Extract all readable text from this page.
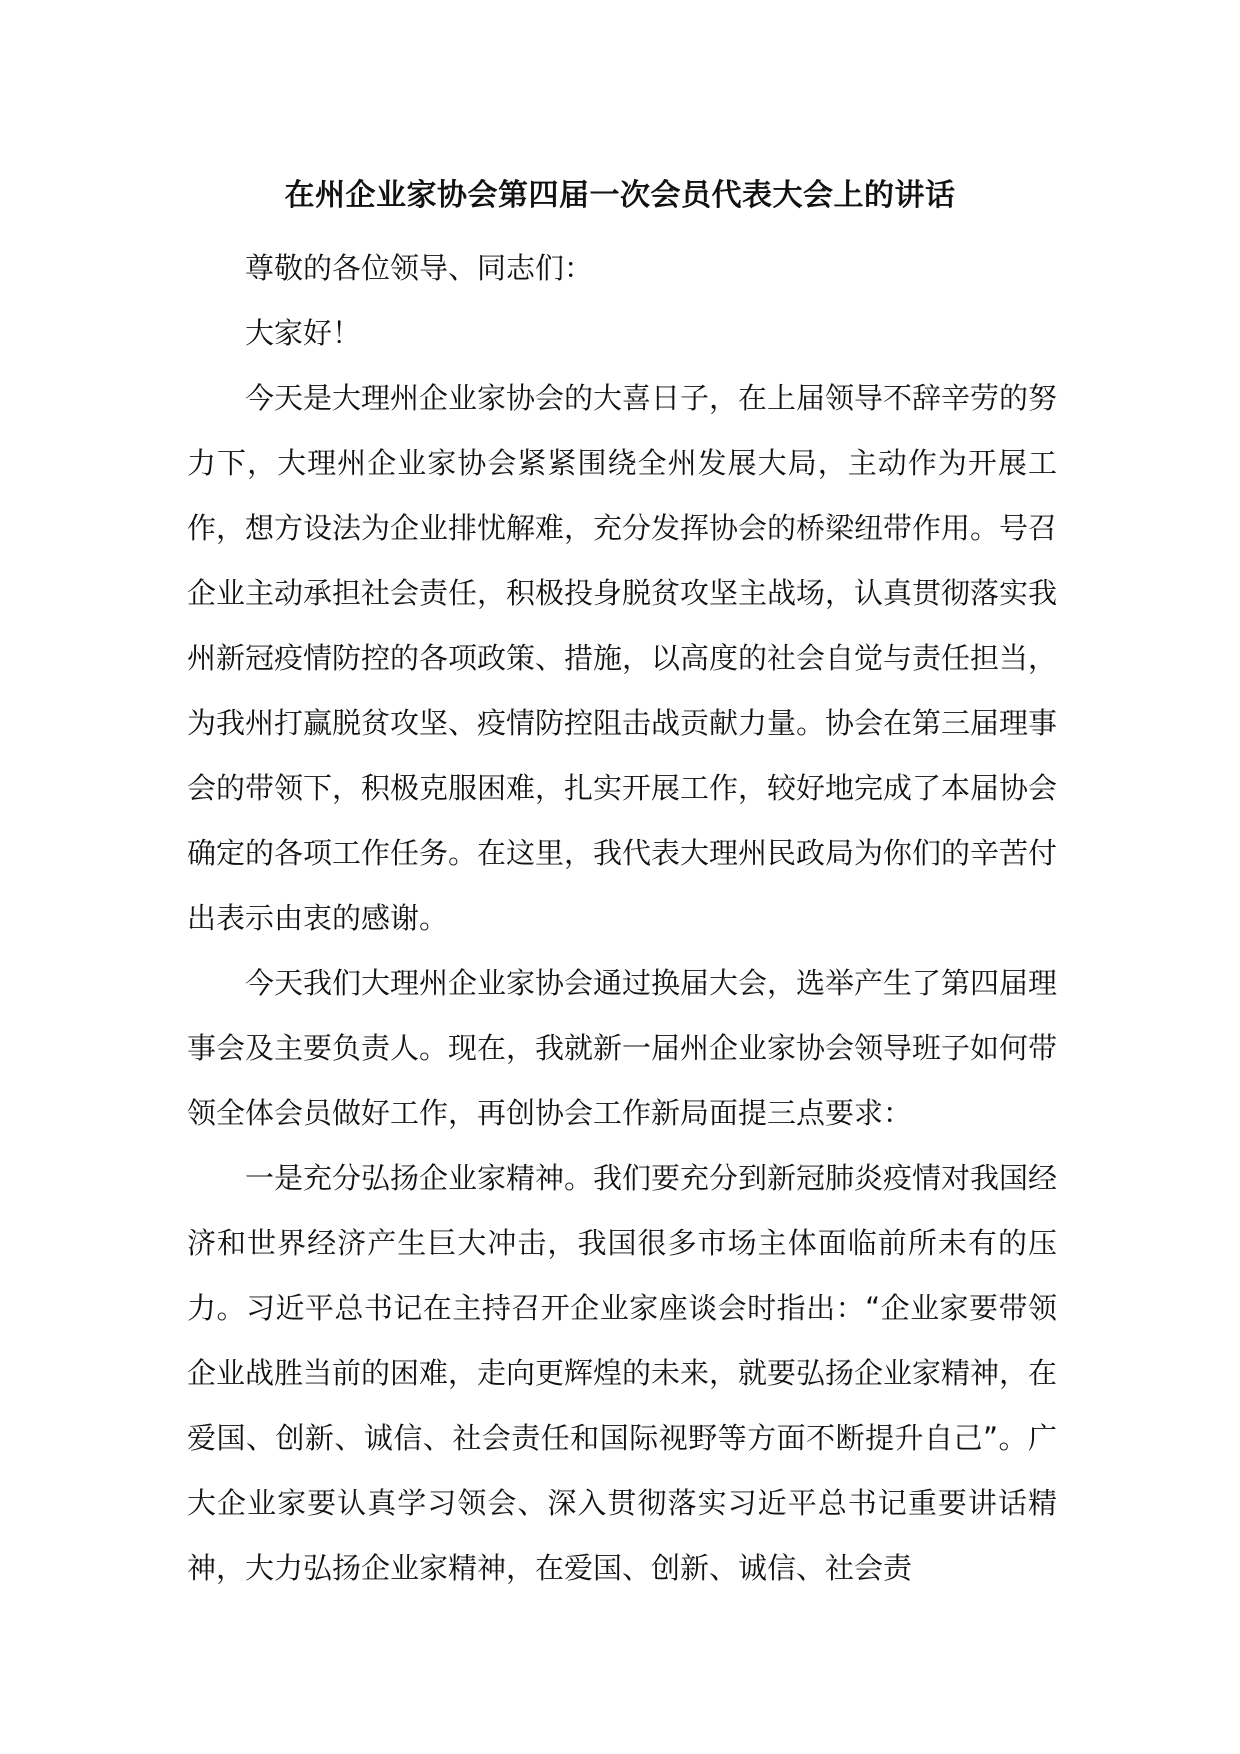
在州企业家协会第四届一次会员代表大会上的讲话

尊敬的各位领导、同志们：

大家好！

今天是大理州企业家协会的大喜日子，在上届领导不辞辛劳的努力下，大理州企业家协会紧紧围绕全州发展大局，主动作为开展工作，想方设法为企业排忧解难，充分发挥协会的桥梁纽带作用。号召企业主动承担社会责任，积极投身脱贫攻坚主战场，认真贯彻落实我州新冠疫情防控的各项政策、措施，以高度的社会自觉与责任担当，为我州打赢脱贫攻坚、疫情防控阻击战贡献力量。协会在第三届理事会的带领下，积极克服困难，扎实开展工作，较好地完成了本届协会确定的各项工作任务。在这里，我代表大理州民政局为你们的辛苦付出表示由衷的感谢。

今天我们大理州企业家协会通过换届大会，选举产生了第四届理事会及主要负责人。现在，我就新一届州企业家协会领导班子如何带领全体会员做好工作，再创协会工作新局面提三点要求：

一是充分弘扬企业家精神。我们要充分到新冠肺炎疫情对我国经济和世界经济产生巨大冲击，我国很多市场主体面临前所未有的压力。习近平总书记在主持召开企业家座谈会时指出：“企业家要带领企业战胜当前的困难，走向更辉煌的未来，就要弘扬企业家精神，在爱国、创新、诚信、社会责任和国际视野等方面不断提升自己”。广大企业家要认真学习领会、深入贯彻落实习近平总书记重要讲话精神，大力弘扬企业家精神，在爱国、创新、诚信、社会责
